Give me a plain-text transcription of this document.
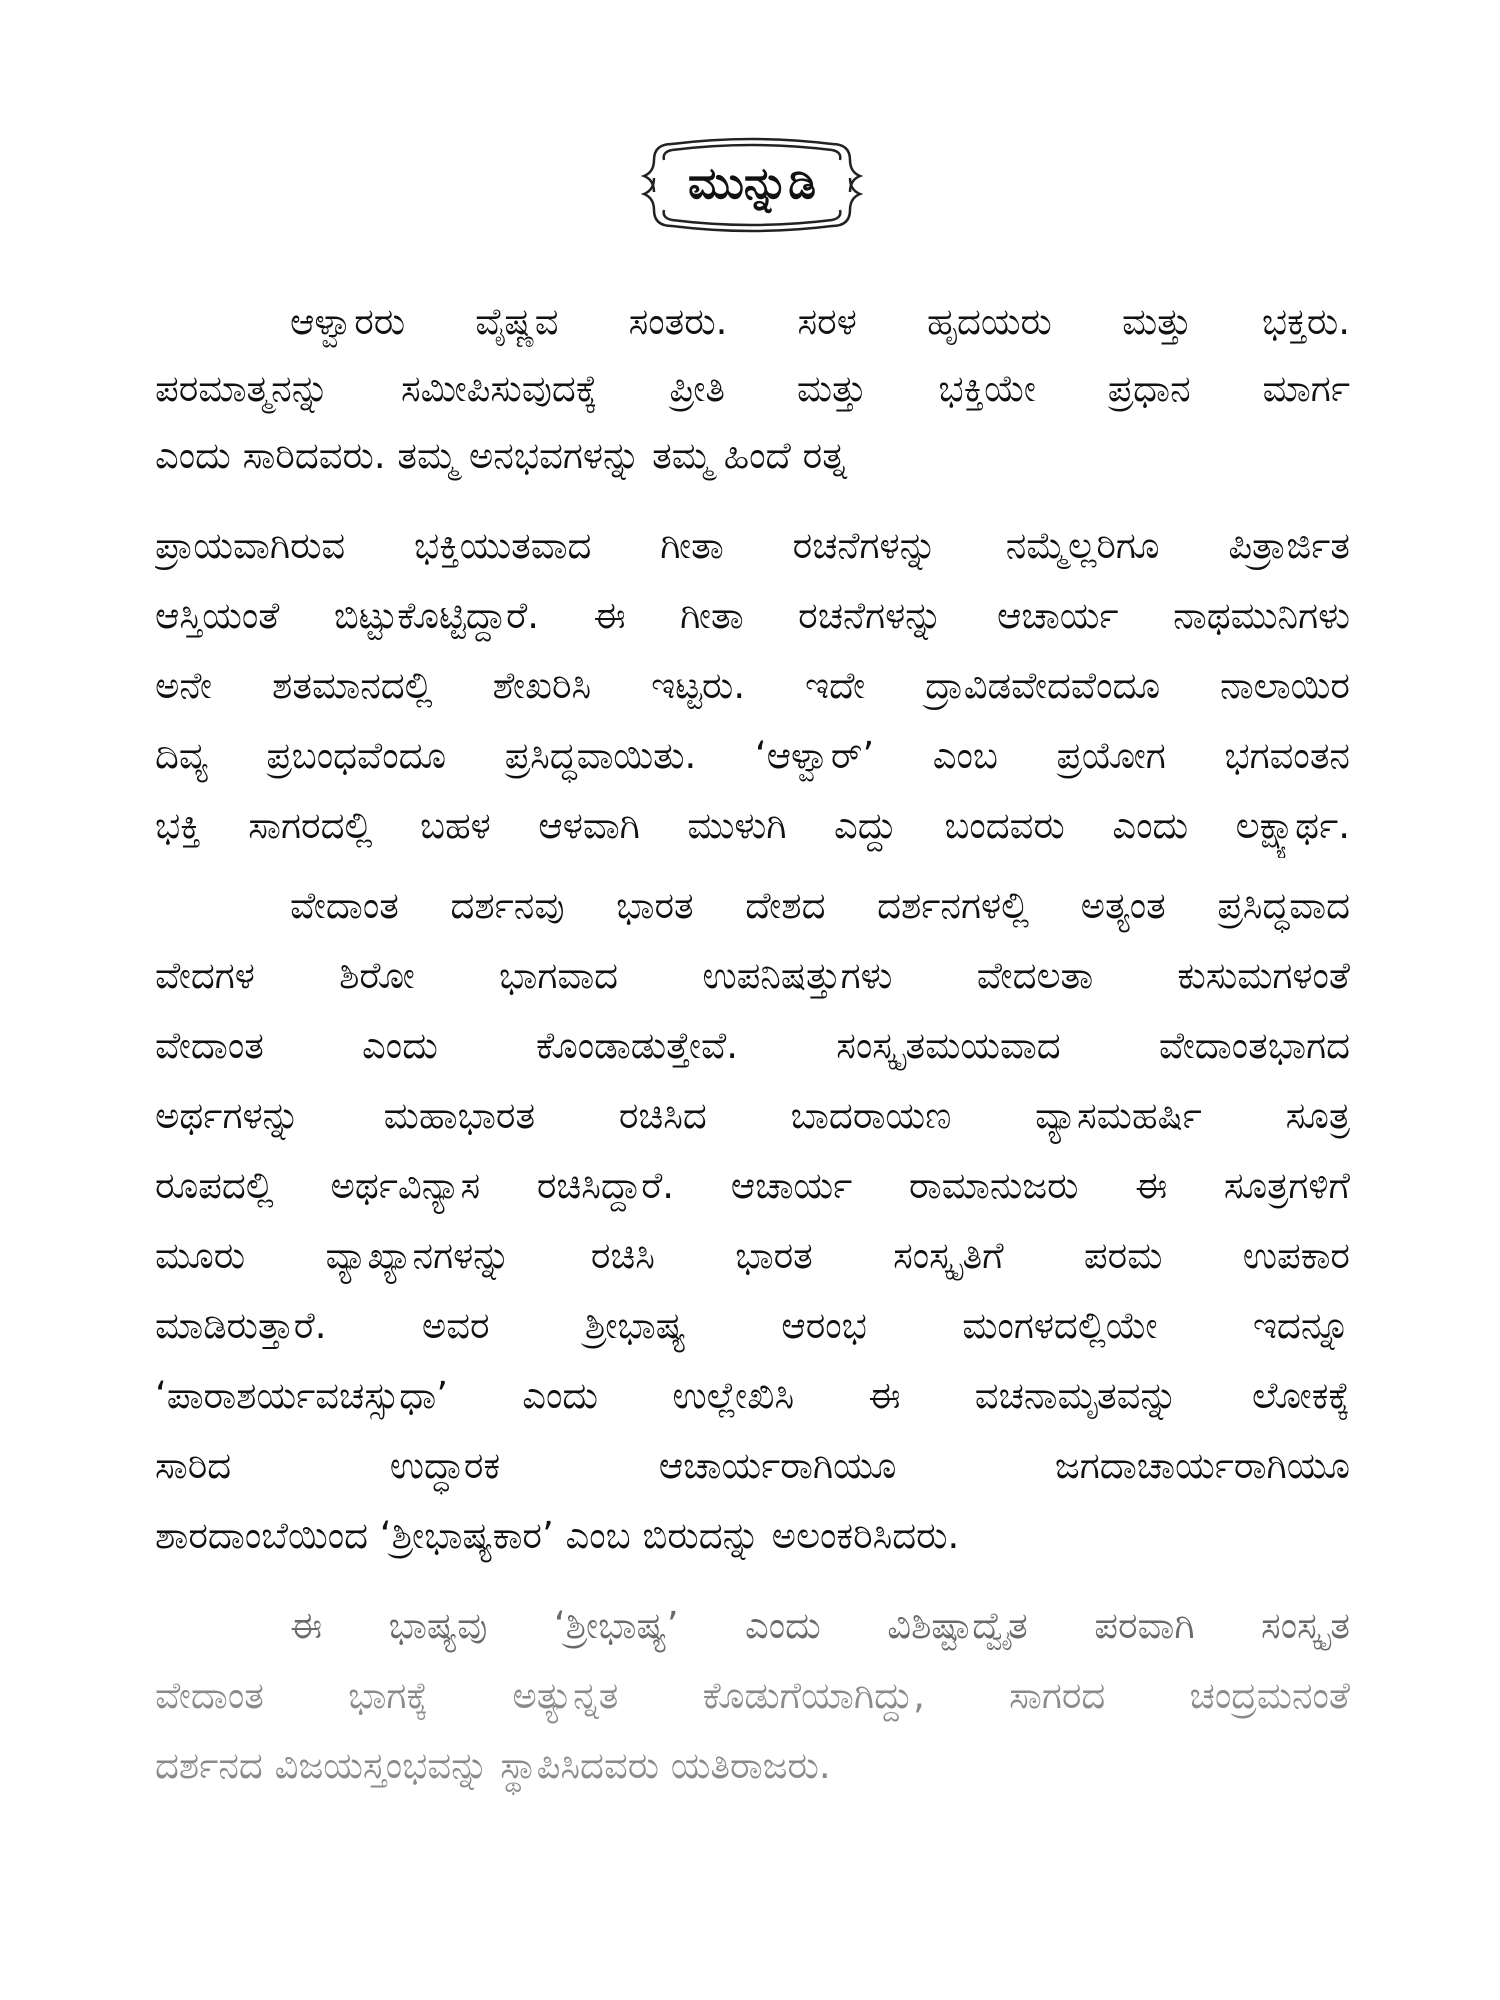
ಮುನ್ನುಡಿ
ಆಳ್ವಾರರು ವೈಷ್ಣವ ಸಂತರು. ಸರಳ ಹೃದಯರು ಮತ್ತು ಭಕ್ತರು.
ಪರಮಾತ್ಮನನ್ನು ಸಮೀಪಿಸುವುದಕ್ಕೆ ಪ್ರೀತಿ ಮತ್ತು ಭಕ್ತಿಯೇ ಪ್ರಧಾನ ಮಾರ್ಗ
ಎಂದು ಸಾರಿದವರು. ತಮ್ಮ ಅನಭವಗಳನ್ನು ತಮ್ಮ ಹಿಂದೆ ರತ್ನ
ಪ್ರಾಯವಾಗಿರುವ ಭಕ್ತಿಯುತವಾದ ಗೀತಾ ರಚನೆಗಳನ್ನು ನಮ್ಮೆಲ್ಲರಿಗೂ ಪಿತ್ರಾರ್ಜಿತ
ಆಸ್ತಿಯಂತೆ ಬಿಟ್ಟುಕೊಟ್ಟಿದ್ದಾರೆ. ಈ ಗೀತಾ ರಚನೆಗಳನ್ನು ಆಚಾರ್ಯ ನಾಥಮುನಿಗಳು
ಅನೇ ಶತಮಾನದಲ್ಲಿ ಶೇಖರಿಸಿ ಇಟ್ಟರು. ಇದೇ ದ್ರಾವಿಡವೇದವೆಂದೂ ನಾಲಾಯಿರ
ದಿವ್ಯ ಪ್ರಬಂಧವೆಂದೂ ಪ್ರಸಿದ್ಧವಾಯಿತು. ‘ಆಳ್ವಾರ್’ ಎಂಬ ಪ್ರಯೋಗ ಭಗವಂತನ
ಭಕ್ತಿ ಸಾಗರದಲ್ಲಿ ಬಹಳ ಆಳವಾಗಿ ಮುಳುಗಿ ಎದ್ದು ಬಂದವರು ಎಂದು ಲಕ್ಷ್ಯಾರ್ಥ.
ವೇದಾಂತ ದರ್ಶನವು ಭಾರತ ದೇಶದ ದರ್ಶನಗಳಲ್ಲಿ ಅತ್ಯಂತ ಪ್ರಸಿದ್ಧವಾದ
ವೇದಗಳ ಶಿರೋ ಭಾಗವಾದ ಉಪನಿಷತ್ತುಗಳು ವೇದಲತಾ ಕುಸುಮಗಳಂತೆ
ವೇದಾಂತ ಎಂದು ಕೊಂಡಾಡುತ್ತೇವೆ. ಸಂಸ್ಕೃತಮಯವಾದ ವೇದಾಂತಭಾಗದ
ಅರ್ಥಗಳನ್ನು ಮಹಾಭಾರತ ರಚಿಸಿದ ಬಾದರಾಯಣ ವ್ಯಾಸಮಹರ್ಷಿ ಸೂತ್ರ
ರೂಪದಲ್ಲಿ ಅರ್ಥವಿನ್ಯಾಸ ರಚಿಸಿದ್ದಾರೆ. ಆಚಾರ್ಯ ರಾಮಾನುಜರು ಈ ಸೂತ್ರಗಳಿಗೆ
ಮೂರು ವ್ಯಾಖ್ಯಾನಗಳನ್ನು ರಚಿಸಿ ಭಾರತ ಸಂಸ್ಕೃತಿಗೆ ಪರಮ ಉಪಕಾರ
ಮಾಡಿರುತ್ತಾರೆ. ಅವರ ಶ್ರೀಭಾಷ್ಯ ಆರಂಭ ಮಂಗಳದಲ್ಲಿಯೇ ಇದನ್ನೂ
‘ಪಾರಾಶರ್ಯವಚಸ್ಸುಧಾ’ ಎಂದು ಉಲ್ಲೇಖಿಸಿ ಈ ವಚನಾಮೃತವನ್ನು ಲೋಕಕ್ಕೆ
ಸಾರಿದ ಉದ್ಧಾರಕ ಆಚಾರ್ಯರಾಗಿಯೂ ಜಗದಾಚಾರ್ಯರಾಗಿಯೂ
ಶಾರದಾಂಬೆಯಿಂದ ‘ಶ್ರೀಭಾಷ್ಯಕಾರ’ ಎಂಬ ಬಿರುದನ್ನು ಅಲಂಕರಿಸಿದರು.
ಈ ಭಾಷ್ಯವು ‘ಶ್ರೀಭಾಷ್ಯ’ ಎಂದು ವಿಶಿಷ್ಟಾದ್ವೈತ ಪರವಾಗಿ ಸಂಸ್ಕೃತ
ವೇದಾಂತ ಭಾಗಕ್ಕೆ ಅತ್ಯುನ್ನತ ಕೊಡುಗೆಯಾಗಿದ್ದು, ಸಾಗರದ ಚಂದ್ರಮನಂತೆ
ದರ್ಶನದ ವಿಜಯಸ್ತಂಭವನ್ನು ಸ್ಥಾಪಿಸಿದವರು ಯತಿರಾಜರು.
